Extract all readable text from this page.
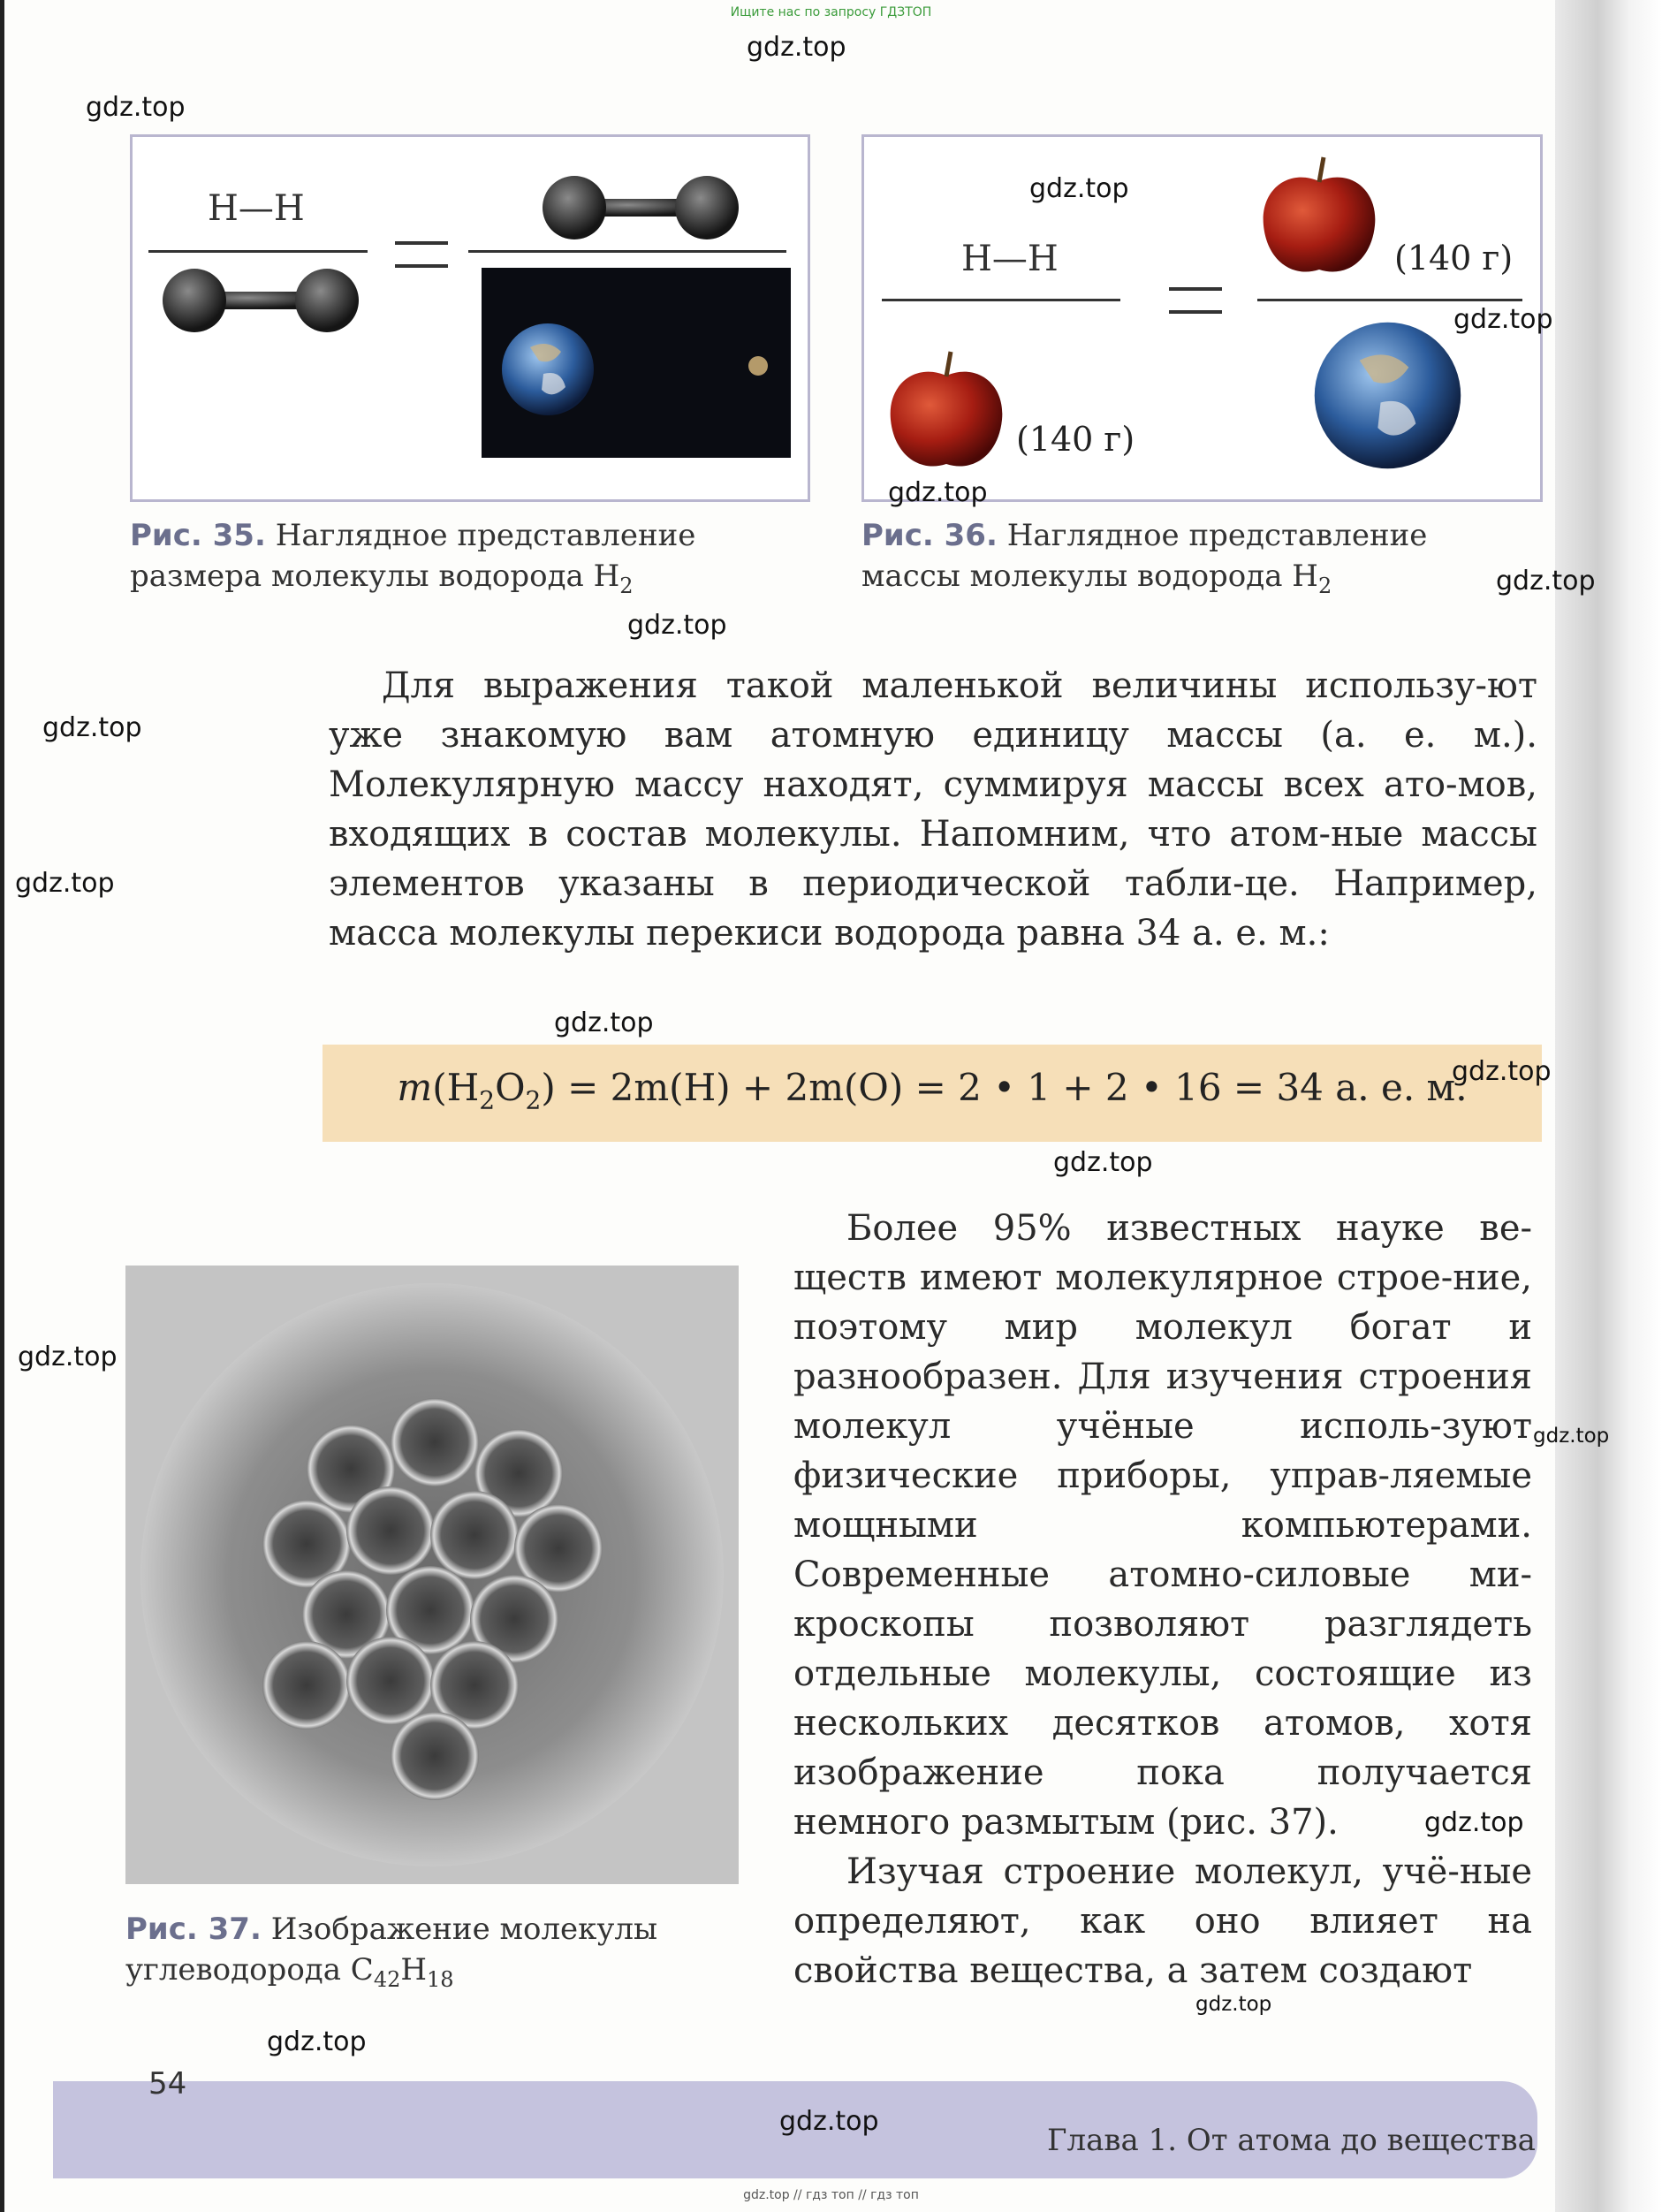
Ищите нас по запросу ГДЗТОП
H—H
Рис. 35. Наглядное представление
размера молекулы водорода $H_2$
H—H
(140 г)
(140 г)
Рис. 36. Наглядное представление
массы молекулы водорода $H_2$
Для выражения такой маленькой величины использу-ют уже знакомую вам атомную единицу массы (а. е. м.). Молекулярную массу находят, суммируя массы всех ато-мов, входящих в состав молекулы. Напомним, что атом-ные массы элементов указаны в периодической табли-це. Например, масса молекулы перекиси водорода равна 34 а. е. м.:
$m(H_2O_2) = 2m(H) + 2m(O) = 2$ • 1 + 2 • 16 = 34 а. е. м.
Более 95% известных науке ве-ществ имеют молекулярное строе-ние, поэтому мир молекул богат и разнообразен. Для изучения строения молекул учёные исполь-зуют физические приборы, управ-ляемые мощными компьютерами. Современные атомно-силовые ми-кроскопы позволяют разглядеть отдельные молекулы, состоящие из нескольких десятков атомов, хотя изображение пока получается немного размытым (рис. 37).
Изучая строение молекул, учё-ные определяют, как оно влияет на свойства вещества, а затем создают
Рис. 37. Изображение молекулы
углеводорода $C_{42}H_{18}$
54
Глава 1. От атома до вещества
gdz.top
gdz.top
gdz.top
gdz.top
gdz.top
gdz.top
gdz.top
gdz.top
gdz.top
gdz.top
gdz.top
gdz.top
gdz.top
gdz.top
gdz.top
gdz.top
gdz.top
gdz.top
gdz.top // гдз топ // гдз топ
